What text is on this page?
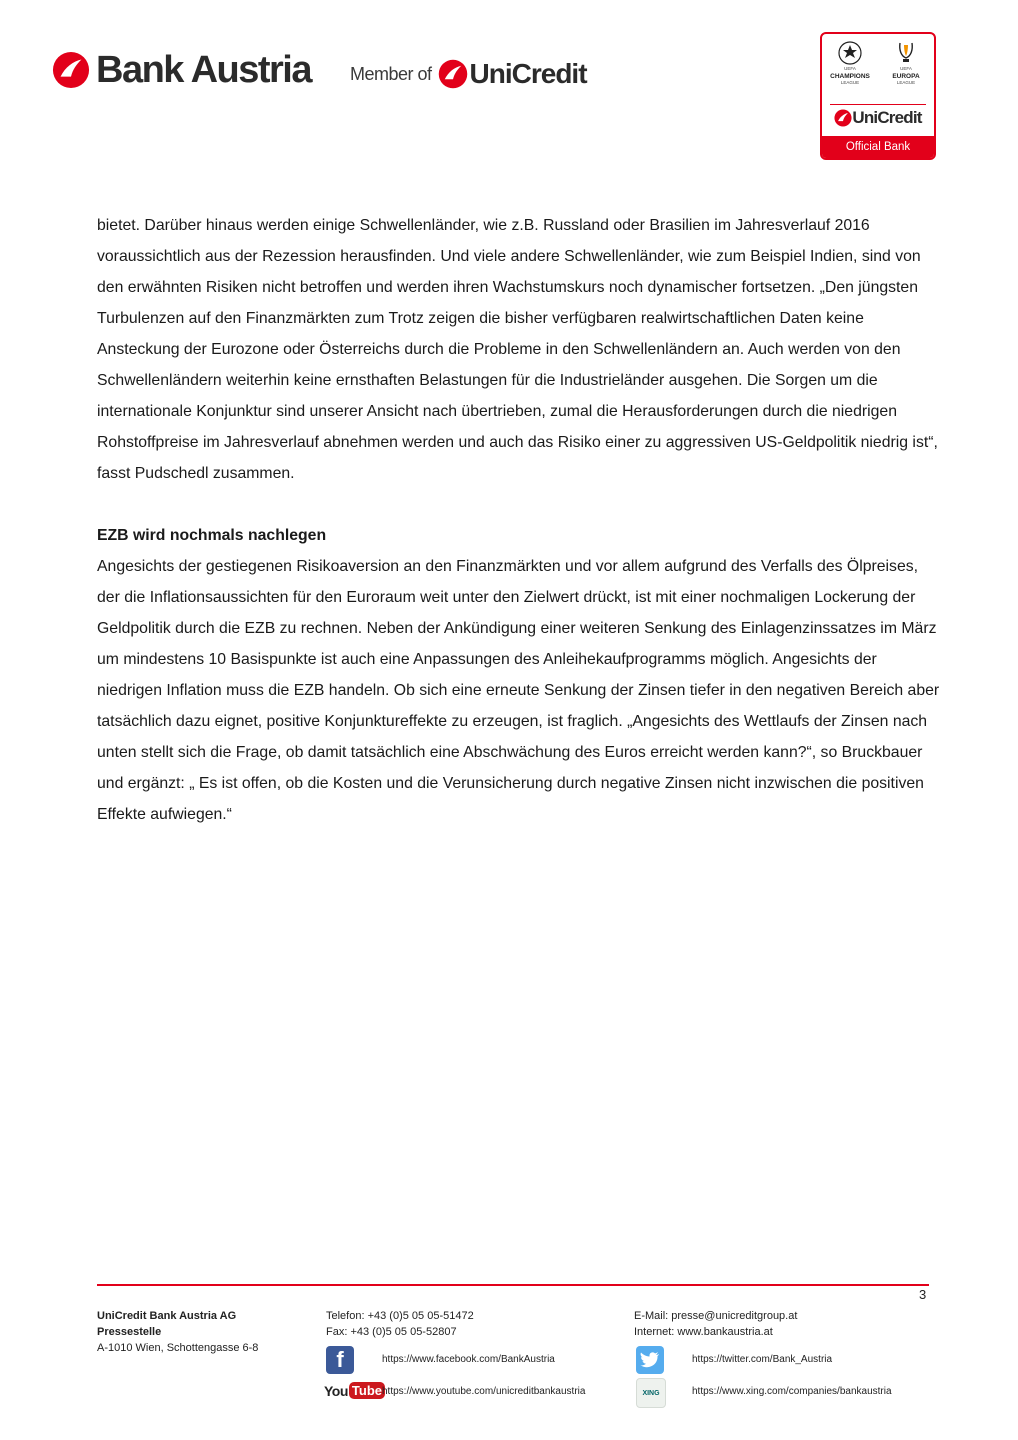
Bank Austria Member of UniCredit	UEFA
CHAMPIONS
LEAGUE
UEFA
EUROPA
LEAGUE
UniCredit
Official Bank

bietet. Darüber hinaus werden einige Schwellenländer, wie z.B. Russland oder Brasilien im Jahresverlauf 2016 voraussichtlich aus der Rezession herausfinden. Und viele andere Schwellenländer, wie zum Beispiel Indien, sind von den erwähnten Risiken nicht betroffen und werden ihren Wachstumskurs noch dynamischer fortsetzen. „Den jüngsten Turbulenzen auf den Finanzmärkten zum Trotz zeigen die bisher verfügbaren realwirtschaftlichen Daten keine Ansteckung der Eurozone oder Österreichs durch die Probleme in den Schwellenländern an. Auch werden von den Schwellenländern weiterhin keine ernsthaften Belastungen für die Industrieländer ausgehen. Die Sorgen um die internationale Konjunktur sind unserer Ansicht nach übertrieben, zumal die Herausforderungen durch die niedrigen Rohstoffpreise im Jahresverlauf abnehmen werden und auch das Risiko einer zu aggressiven US-Geldpolitik niedrig ist“, fasst Pudschedl zusammen.

EZB wird nochmals nachlegen

Angesichts der gestiegenen Risikoaversion an den Finanzmärkten und vor allem aufgrund des Verfalls des Ölpreises, der die Inflationsaussichten für den Euroraum weit unter den Zielwert drückt, ist mit einer nochmaligen Lockerung der Geldpolitik durch die EZB zu rechnen. Neben der Ankündigung einer weiteren Senkung des Einlagenzinssatzes im März um mindestens 10 Basispunkte ist auch eine Anpassungen des Anleihekaufprogramms möglich. Angesichts der niedrigen Inflation muss die EZB handeln. Ob sich eine erneute Senkung der Zinsen tiefer in den negativen Bereich aber tatsächlich dazu eignet, positive Konjunktureffekte zu erzeugen, ist fraglich. „Angesichts des Wettlaufs der Zinsen nach unten stellt sich die Frage, ob damit tatsächlich eine Abschwächung des Euros erreicht werden kann?“, so Bruckbauer und ergänzt: „ Es ist offen, ob die Kosten und die Verunsicherung durch negative Zinsen nicht inzwischen die positiven Effekte aufwiegen.“

3
UniCredit Bank Austria AG
Pressestelle
A-1010 Wien, Schottengasse 6-8
Telefon: +43 (0)5 05 05-51472
Fax: +43 (0)5 05 05-52807
E-Mail: presse@unicreditgroup.at
Internet: www.bankaustria.at
f	https://www.facebook.com/BankAustria
You Tube https://www.youtube.com/unicreditbankaustria
https://twitter.com/Bank_Austria
XING	https://www.xing.com/companies/bankaustria
